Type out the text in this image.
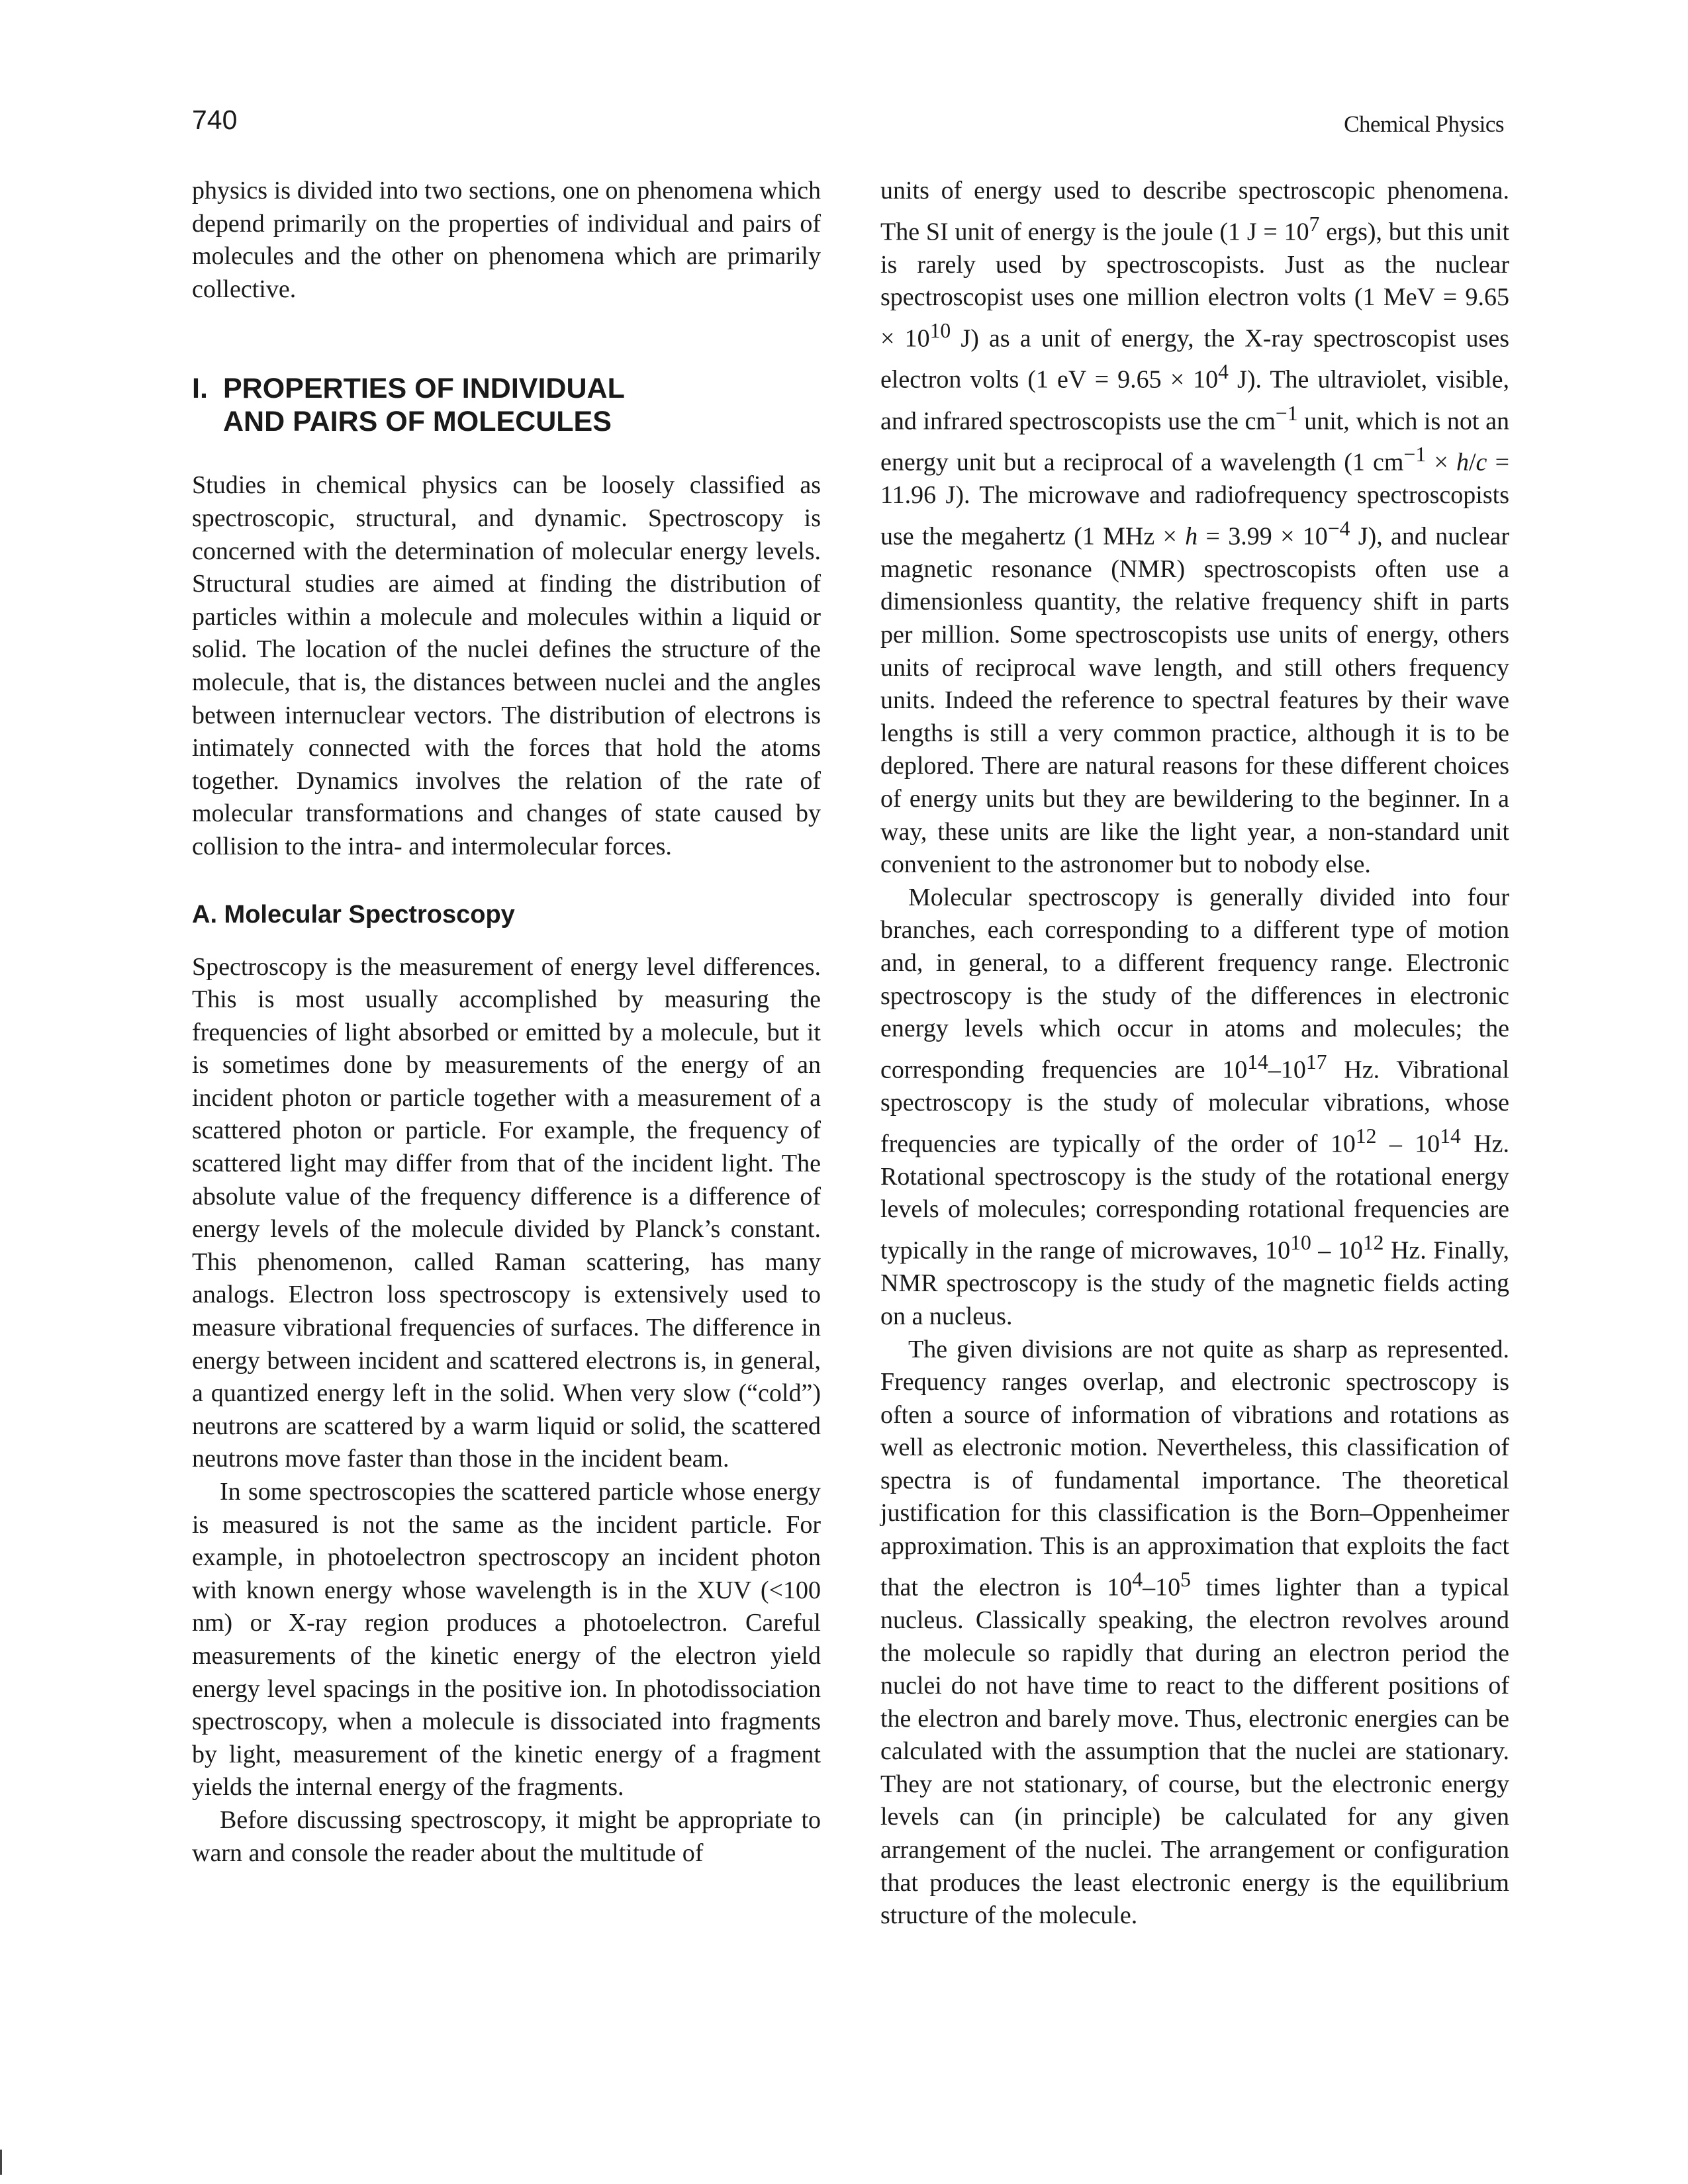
740	Chemical Physics

physics is divided into two sections, one on phenomena which depend primarily on the properties of individual and pairs of molecules and the other on phenomena which are primarily collective.

I. PROPERTIES OF INDIVIDUAL
AND PAIRS OF MOLECULES

Studies in chemical physics can be loosely classified as spectroscopic, structural, and dynamic. Spectroscopy is concerned with the determination of molecular energy levels. Structural studies are aimed at finding the distribution of particles within a molecule and molecules within a liquid or solid. The location of the nuclei defines the structure of the molecule, that is, the distances between nuclei and the angles between internuclear vectors. The distribution of electrons is intimately connected with the forces that hold the atoms together. Dynamics involves the relation of the rate of molecular transformations and changes of state caused by collision to the intra- and intermolecular forces.

A. Molecular Spectroscopy

Spectroscopy is the measurement of energy level differences. This is most usually accomplished by measuring the frequencies of light absorbed or emitted by a molecule, but it is sometimes done by measurements of the energy of an incident photon or particle together with a measurement of a scattered photon or particle. For example, the frequency of scattered light may differ from that of the incident light. The absolute value of the frequency difference is a difference of energy levels of the molecule divided by Planck’s constant. This phenomenon, called Raman scattering, has many analogs. Electron loss spectroscopy is extensively used to measure vibrational frequencies of surfaces. The difference in energy between incident and scattered electrons is, in general, a quantized energy left in the solid. When very slow (“cold”) neutrons are scattered by a warm liquid or solid, the scattered neutrons move faster than those in the incident beam.

In some spectroscopies the scattered particle whose energy is measured is not the same as the incident particle. For example, in photoelectron spectroscopy an incident photon with known energy whose wavelength is in the XUV (<100 nm) or X-ray region produces a photoelectron. Careful measurements of the kinetic energy of the electron yield energy level spacings in the positive ion. In photodissociation spectroscopy, when a molecule is dissociated into fragments by light, measurement of the kinetic energy of a fragment yields the internal energy of the fragments.

Before discussing spectroscopy, it might be appropriate to warn and console the reader about the multitude of

units of energy used to describe spectroscopic phenomena. The SI unit of energy is the joule (1 $J = 10^7$ ergs), but this unit is rarely used by spectroscopists. Just as the nuclear spectroscopist uses one million electron volts (1 MeV = $9.65 \times 10^{10}$ J) as a unit of energy, the X-ray spectroscopist uses electron volts (1 eV = $9.65 \times 10^4$ J). The ultraviolet, visible, and infrared spectroscopists use the $cm^{-1}$ unit, which is not an energy unit but a reciprocal of a wavelength (1 $cm^{-1} \times h/c = 11.96$ J). The microwave and radiofrequency spectroscopists use the megahertz (1 MHz × $h = 3.99 \times 10^{-4}$ J), and nuclear magnetic resonance (NMR) spectroscopists often use a dimensionless quantity, the relative frequency shift in parts per million. Some spectroscopists use units of energy, others units of reciprocal wave length, and still others frequency units. Indeed the reference to spectral features by their wave lengths is still a very common practice, although it is to be deplored. There are natural reasons for these different choices of energy units but they are bewildering to the beginner. In a way, these units are like the light year, a non-standard unit convenient to the astronomer but to nobody else.

Molecular spectroscopy is generally divided into four branches, each corresponding to a different type of motion and, in general, to a different frequency range. Electronic spectroscopy is the study of the differences in electronic energy levels which occur in atoms and molecules; the corresponding frequencies are $10^{14}-10^{17}$ Hz. Vibrational spectroscopy is the study of molecular vibrations, whose frequencies are typically of the order of $10^{12} - 10^{14}$ Hz. Rotational spectroscopy is the study of the rotational energy levels of molecules; corresponding rotational frequencies are typically in the range of microwaves, $10^{10} - 10^{12}$ Hz. Finally, NMR spectroscopy is the study of the magnetic fields acting on a nucleus.

The given divisions are not quite as sharp as represented. Frequency ranges overlap, and electronic spectroscopy is often a source of information of vibrations and rotations as well as electronic motion. Nevertheless, this classification of spectra is of fundamental importance. The theoretical justification for this classification is the Born–Oppenheimer approximation. This is an approximation that exploits the fact that the electron is $10^4-10^5$ times lighter than a typical nucleus. Classically speaking, the electron revolves around the molecule so rapidly that during an electron period the nuclei do not have time to react to the different positions of the electron and barely move. Thus, electronic energies can be calculated with the assumption that the nuclei are stationary. They are not stationary, of course, but the electronic energy levels can (in principle) be calculated for any given arrangement of the nuclei. The arrangement or configuration that produces the least electronic energy is the equilibrium structure of the molecule.
